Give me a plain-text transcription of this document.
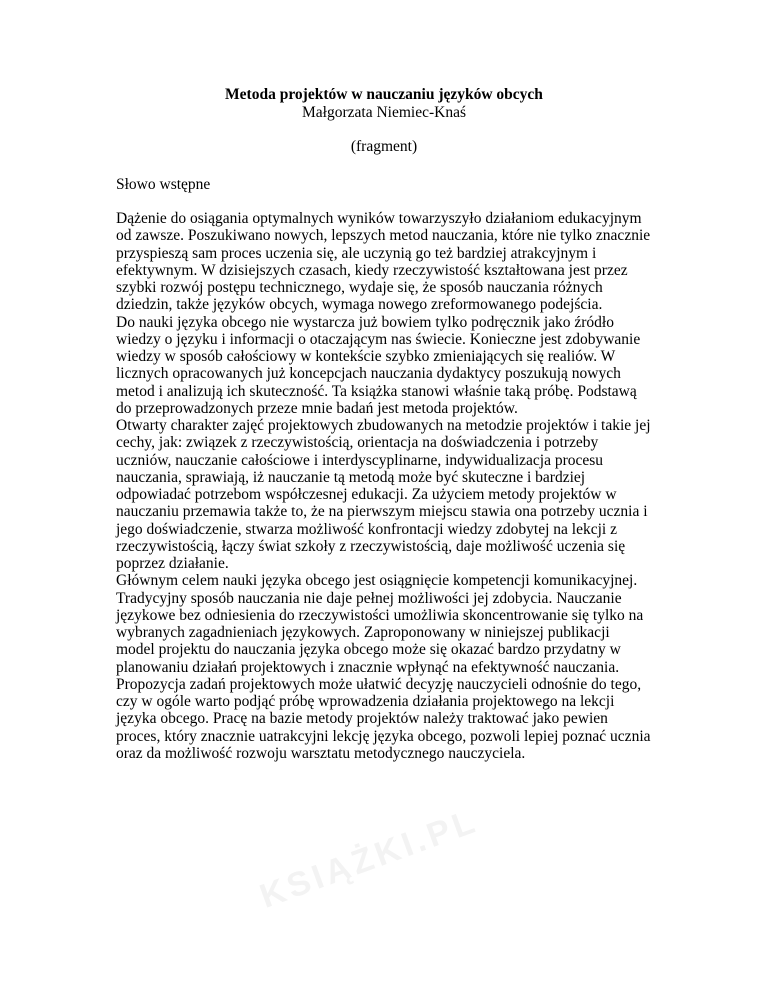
Metoda projektów w nauczaniu języków obcych
Małgorzata Niemiec-Knaś
(fragment)
Słowo wstępne
Dążenie do osiągania optymalnych wyników towarzyszyło działaniom edukacyjnym
od zawsze. Poszukiwano nowych, lepszych metod nauczania, które nie tylko znacznie
przyspieszą sam proces uczenia się, ale uczynią go też bardziej atrakcyjnym i
efektywnym. W dzisiejszych czasach, kiedy rzeczywistość kształtowana jest przez
szybki rozwój postępu technicznego, wydaje się, że sposób nauczania różnych
dziedzin, także języków obcych, wymaga nowego zreformowanego podejścia.
Do nauki języka obcego nie wystarcza już bowiem tylko podręcznik jako źródło
wiedzy o języku i informacji o otaczającym nas świecie. Konieczne jest zdobywanie
wiedzy w sposób całościowy w kontekście szybko zmieniających się realiów. W
licznych opracowanych już koncepcjach nauczania dydaktycy poszukują nowych
metod i analizują ich skuteczność. Ta książka stanowi właśnie taką próbę. Podstawą
do przeprowadzonych przeze mnie badań jest metoda projektów.
Otwarty charakter zajęć projektowych zbudowanych na metodzie projektów i takie jej
cechy, jak: związek z rzeczywistością, orientacja na doświadczenia i potrzeby
uczniów, nauczanie całościowe i interdyscyplinarne, indywidualizacja procesu
nauczania, sprawiają, iż nauczanie tą metodą może być skuteczne i bardziej
odpowiadać potrzebom współczesnej edukacji. Za użyciem metody projektów w
nauczaniu przemawia także to, że na pierwszym miejscu stawia ona potrzeby ucznia i
jego doświadczenie, stwarza możliwość konfrontacji wiedzy zdobytej na lekcji z
rzeczywistością, łączy świat szkoły z rzeczywistością, daje możliwość uczenia się
poprzez działanie.
Głównym celem nauki języka obcego jest osiągnięcie kompetencji komunikacyjnej.
Tradycyjny sposób nauczania nie daje pełnej możliwości jej zdobycia. Nauczanie
językowe bez odniesienia do rzeczywistości umożliwia skoncentrowanie się tylko na
wybranych zagadnieniach językowych. Zaproponowany w niniejszej publikacji
model projektu do nauczania języka obcego może się okazać bardzo przydatny w
planowaniu działań projektowych i znacznie wpłynąć na efektywność nauczania.
Propozycja zadań projektowych może ułatwić decyzję nauczycieli odnośnie do tego,
czy w ogóle warto podjąć próbę wprowadzenia działania projektowego na lekcji
języka obcego. Pracę na bazie metody projektów należy traktować jako pewien
proces, który znacznie uatrakcyjni lekcję języka obcego, pozwoli lepiej poznać ucznia
oraz da możliwość rozwoju warsztatu metodycznego nauczyciela.
KSIĄŻKI.PL
